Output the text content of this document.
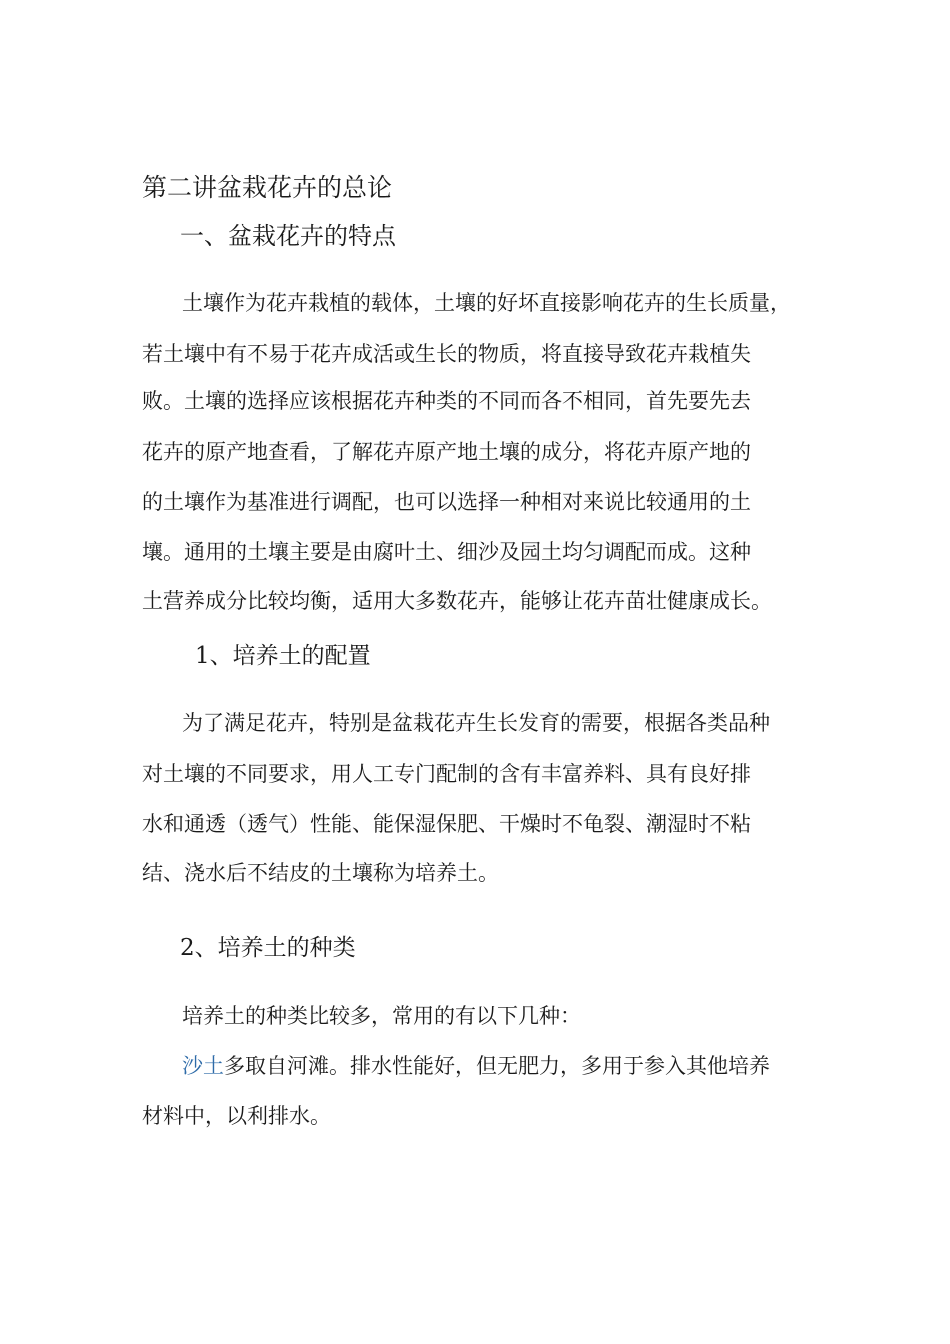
第二讲盆栽花卉的总论
一、盆栽花卉的特点

土壤作为花卉栽植的载体，土壤的好坏直接影响花卉的生长质量，

若土壤中有不易于花卉成活或生长的物质，将直接导致花卉栽植失

败。土壤的选择应该根据花卉种类的不同而各不相同，首先要先去

花卉的原产地查看，了解花卉原产地土壤的成分，将花卉原产地的

的土壤作为基准进行调配，也可以选择一种相对来说比较通用的土

壤。通用的土壤主要是由腐叶土、细沙及园土均匀调配而成。这种

土营养成分比较均衡，适用大多数花卉，能够让花卉苗壮健康成长。

1、培养土的配置

为了满足花卉，特别是盆栽花卉生长发育的需要，根据各类品种

对土壤的不同要求，用人工专门配制的含有丰富养料、具有良好排

水和通透（透气）性能、能保湿保肥、干燥时不龟裂、潮湿时不粘

结、浇水后不结皮的土壤称为培养土。

2、培养土的种类

培养土的种类比较多，常用的有以下几种：

沙土多取自河滩。排水性能好，但无肥力，多用于参入其他培养

材料中，以利排水。
